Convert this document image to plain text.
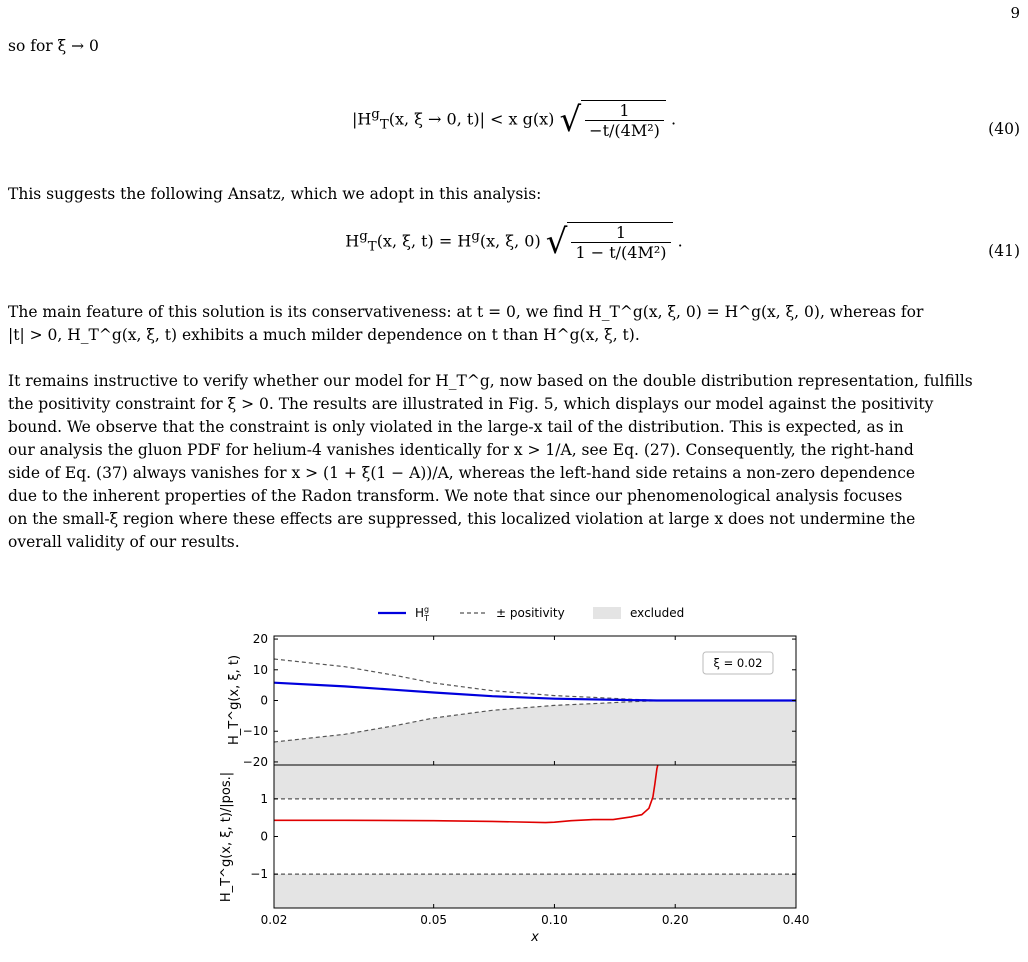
9
so for ξ → 0
$|H^g_T(x$, ξ → 0, t)| < x g(x) √ $\frac{1}{\text{−t/(4M²)}}$ .
(40)
This suggests the following Ansatz, which we adopt in this analysis:
$H^g_T(x$, ξ, $t) = H^g(x$, ξ, 0) √ $\frac{1}{\text{1 − t/(4M²)}}$ .
(41)
The main feature of this solution is its conservativeness: at t = 0, we find H_T^g(x, ξ, 0) = H^g(x, ξ, 0), whereas for
|t| > 0, H_T^g(x, ξ, t) exhibits a much milder dependence on t than H^g(x, ξ, t).
It remains instructive to verify whether our model for H_T^g, now based on the double distribution representation, fulfills
the positivity constraint for ξ > 0. The results are illustrated in Fig. 5, which displays our model against the positivity
bound. We observe that the constraint is only violated in the large-x tail of the distribution. This is expected, as in
our analysis the gluon PDF for helium-4 vanishes identically for x > 1/A, see Eq. (27). Consequently, the right-hand
side of Eq. (37) always vanishes for x > (1 + ξ(1 − A))/A, whereas the left-hand side retains a non-zero dependence
due to the inherent properties of the Radon transform. We note that since our phenomenological analysis focuses
on the small-ξ region where these effects are suppressed, this localized violation at large x does not undermine the
overall validity of our results.
$H^g$ T	± positivity	excluded
20
10
0
−10
−20
ξ = 0.02
H_T^g(x, ξ, t)
1
0
−1
0.02	0.05	0.10	0.20	0.40
H_T^g(x, ξ, t)/|pos.|
x
